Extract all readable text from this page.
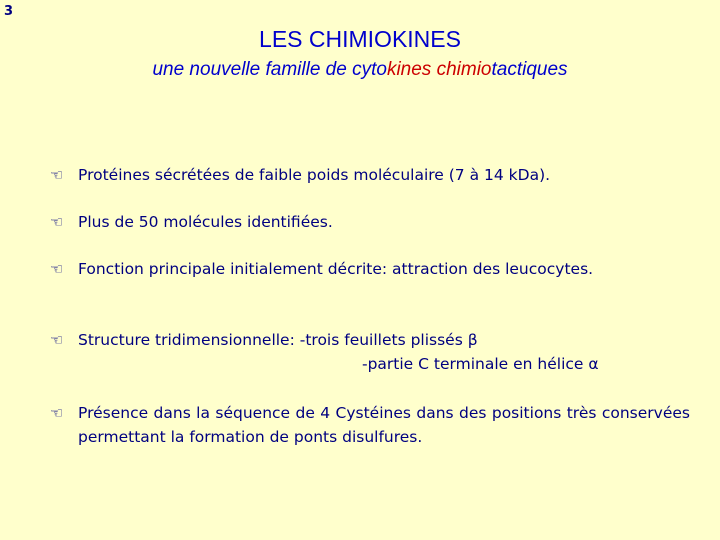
3
LES CHIMIOKINES
une nouvelle famille de cytokines chimiotactiques
☜ Protéines sécrétées de faible poids moléculaire (7 à 14 kDa).
☜ Plus de 50 molécules identifiées.
☜ Fonction principale initialement décrite: attraction des leucocytes.
☜ Structure tridimensionnelle: -trois feuillets plissés β
-partie C terminale en hélice α
☜ Présence dans la séquence de 4 Cystéines dans des positions très conservées permettant la formation de ponts disulfures.
